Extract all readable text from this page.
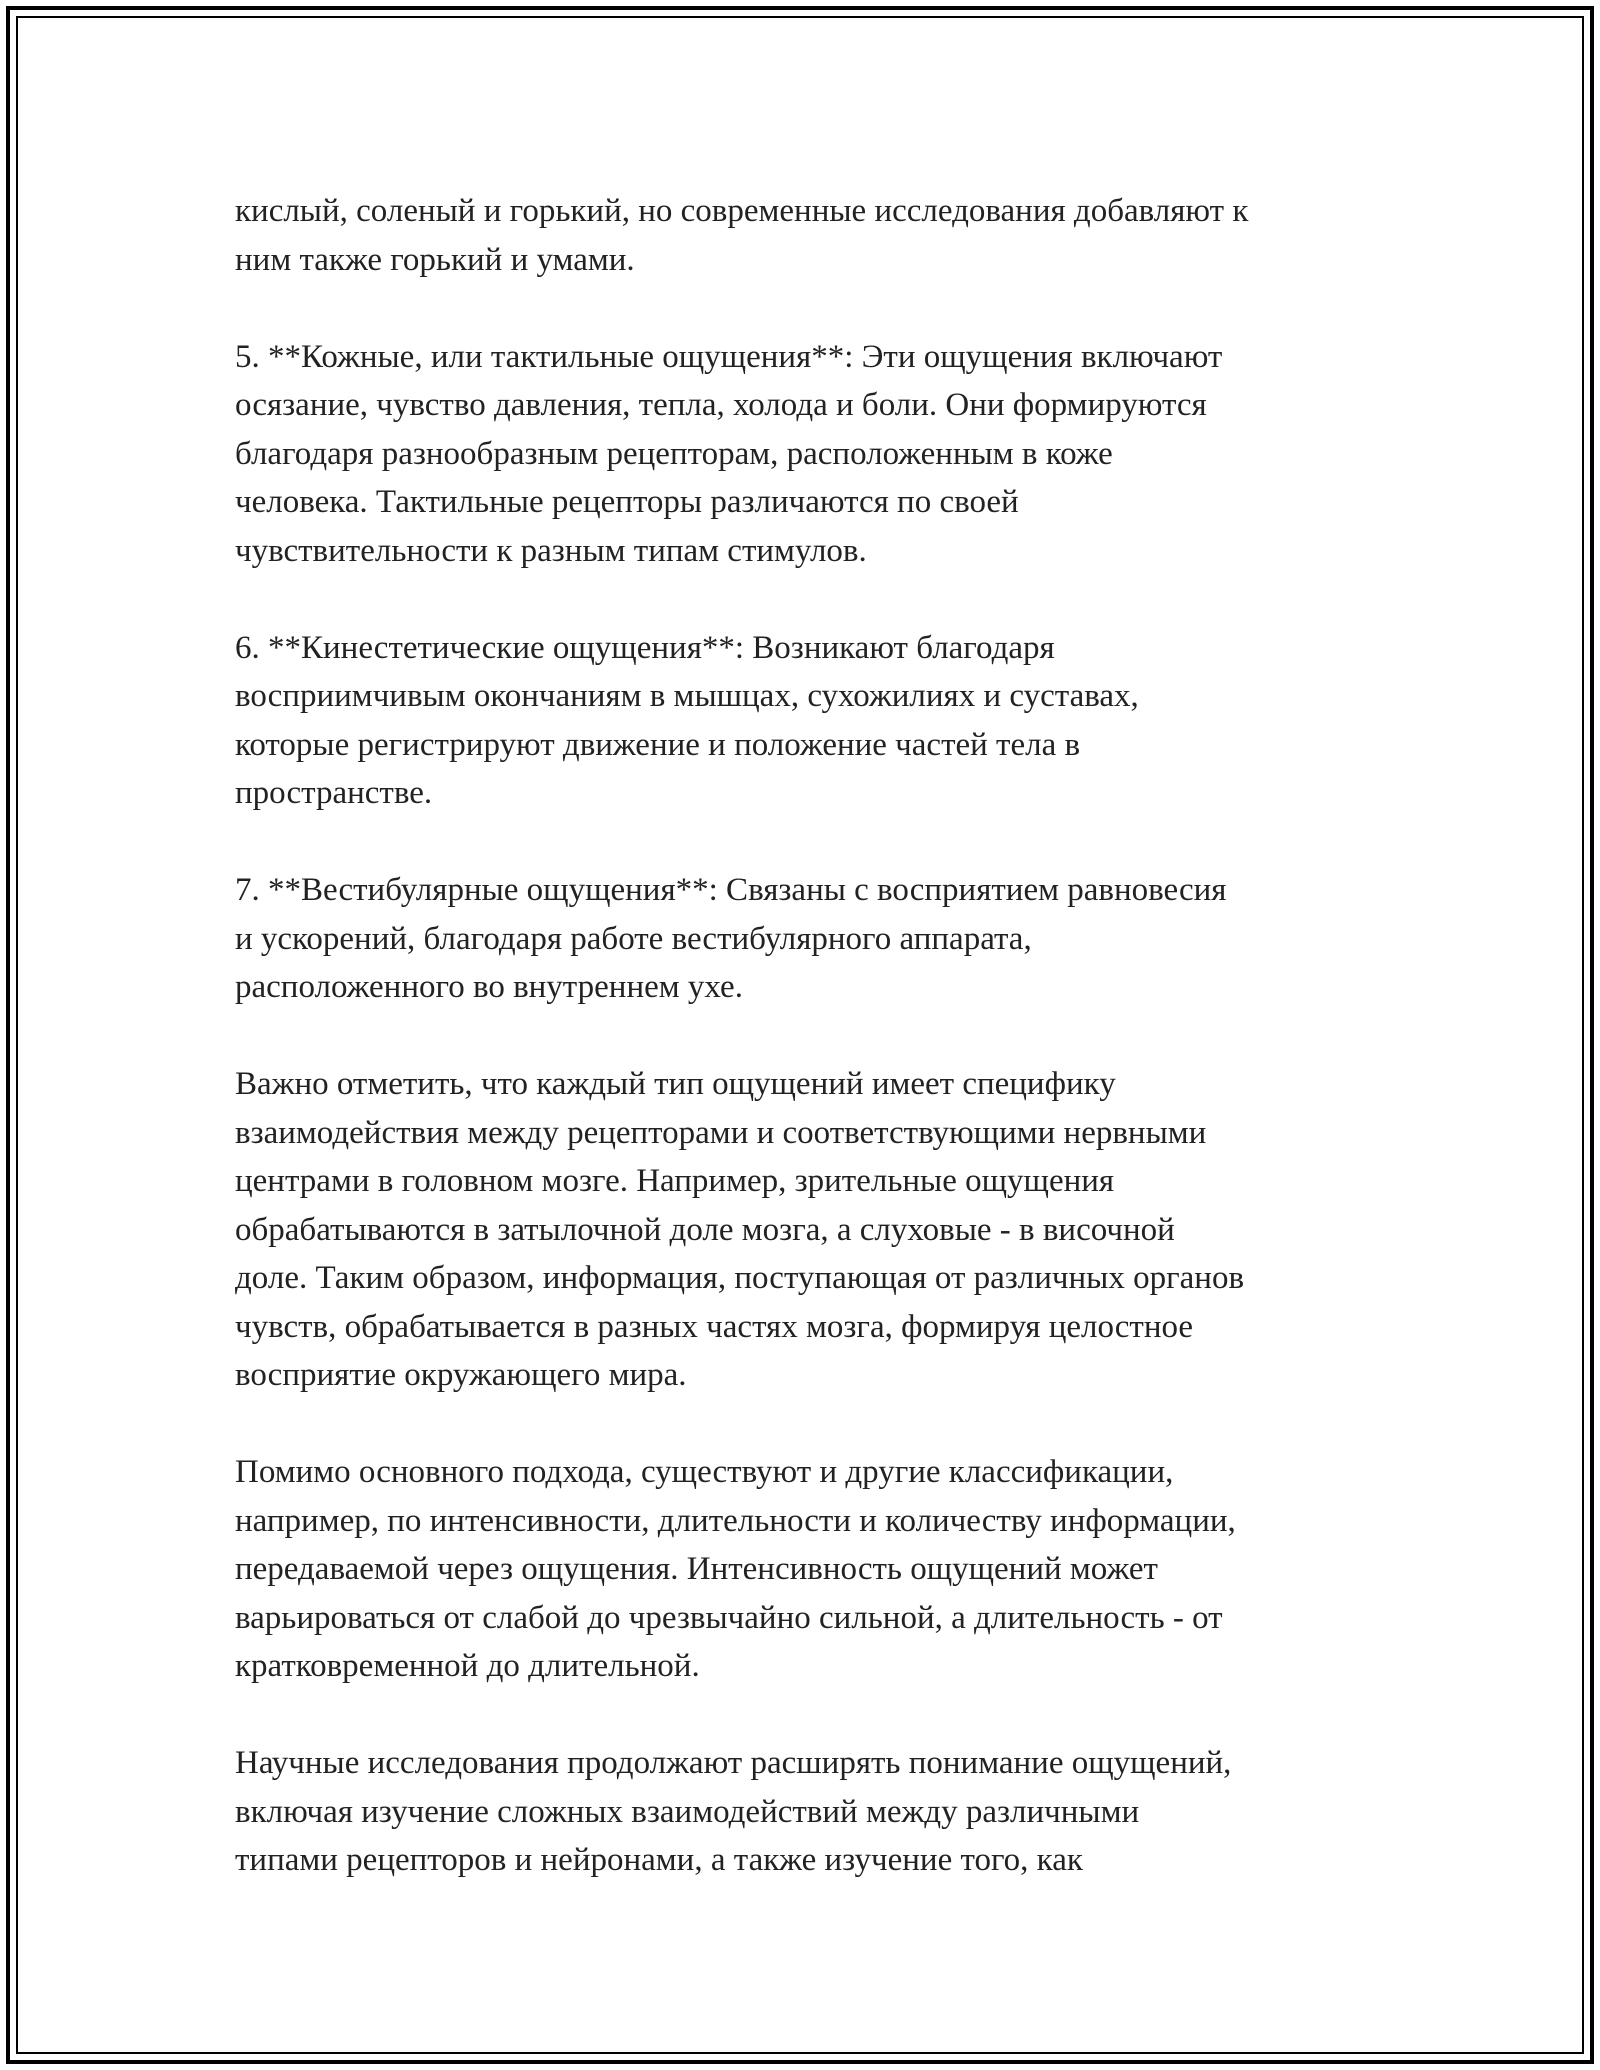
кислый, соленый и горький, но современные исследования добавляют к
ним также горький и умами.

5. **Кожные, или тактильные ощущения**: Эти ощущения включают
осязание, чувство давления, тепла, холода и боли. Они формируются
благодаря разнообразным рецепторам, расположенным в коже
человека. Тактильные рецепторы различаются по своей
чувствительности к разным типам стимулов.

6. **Кинестетические ощущения**: Возникают благодаря
восприимчивым окончаниям в мышцах, сухожилиях и суставах,
которые регистрируют движение и положение частей тела в
пространстве.

7. **Вестибулярные ощущения**: Связаны с восприятием равновесия
и ускорений, благодаря работе вестибулярного аппарата,
расположенного во внутреннем ухе.

Важно отметить, что каждый тип ощущений имеет специфику
взаимодействия между рецепторами и соответствующими нервными
центрами в головном мозге. Например, зрительные ощущения
обрабатываются в затылочной доле мозга, а слуховые - в височной
доле. Таким образом, информация, поступающая от различных органов
чувств, обрабатывается в разных частях мозга, формируя целостное
восприятие окружающего мира.

Помимо основного подхода, существуют и другие классификации,
например, по интенсивности, длительности и количеству информации,
передаваемой через ощущения. Интенсивность ощущений может
варьироваться от слабой до чрезвычайно сильной, а длительность - от
кратковременной до длительной.

Научные исследования продолжают расширять понимание ощущений,
включая изучение сложных взаимодействий между различными
типами рецепторов и нейронами, а также изучение того, как
